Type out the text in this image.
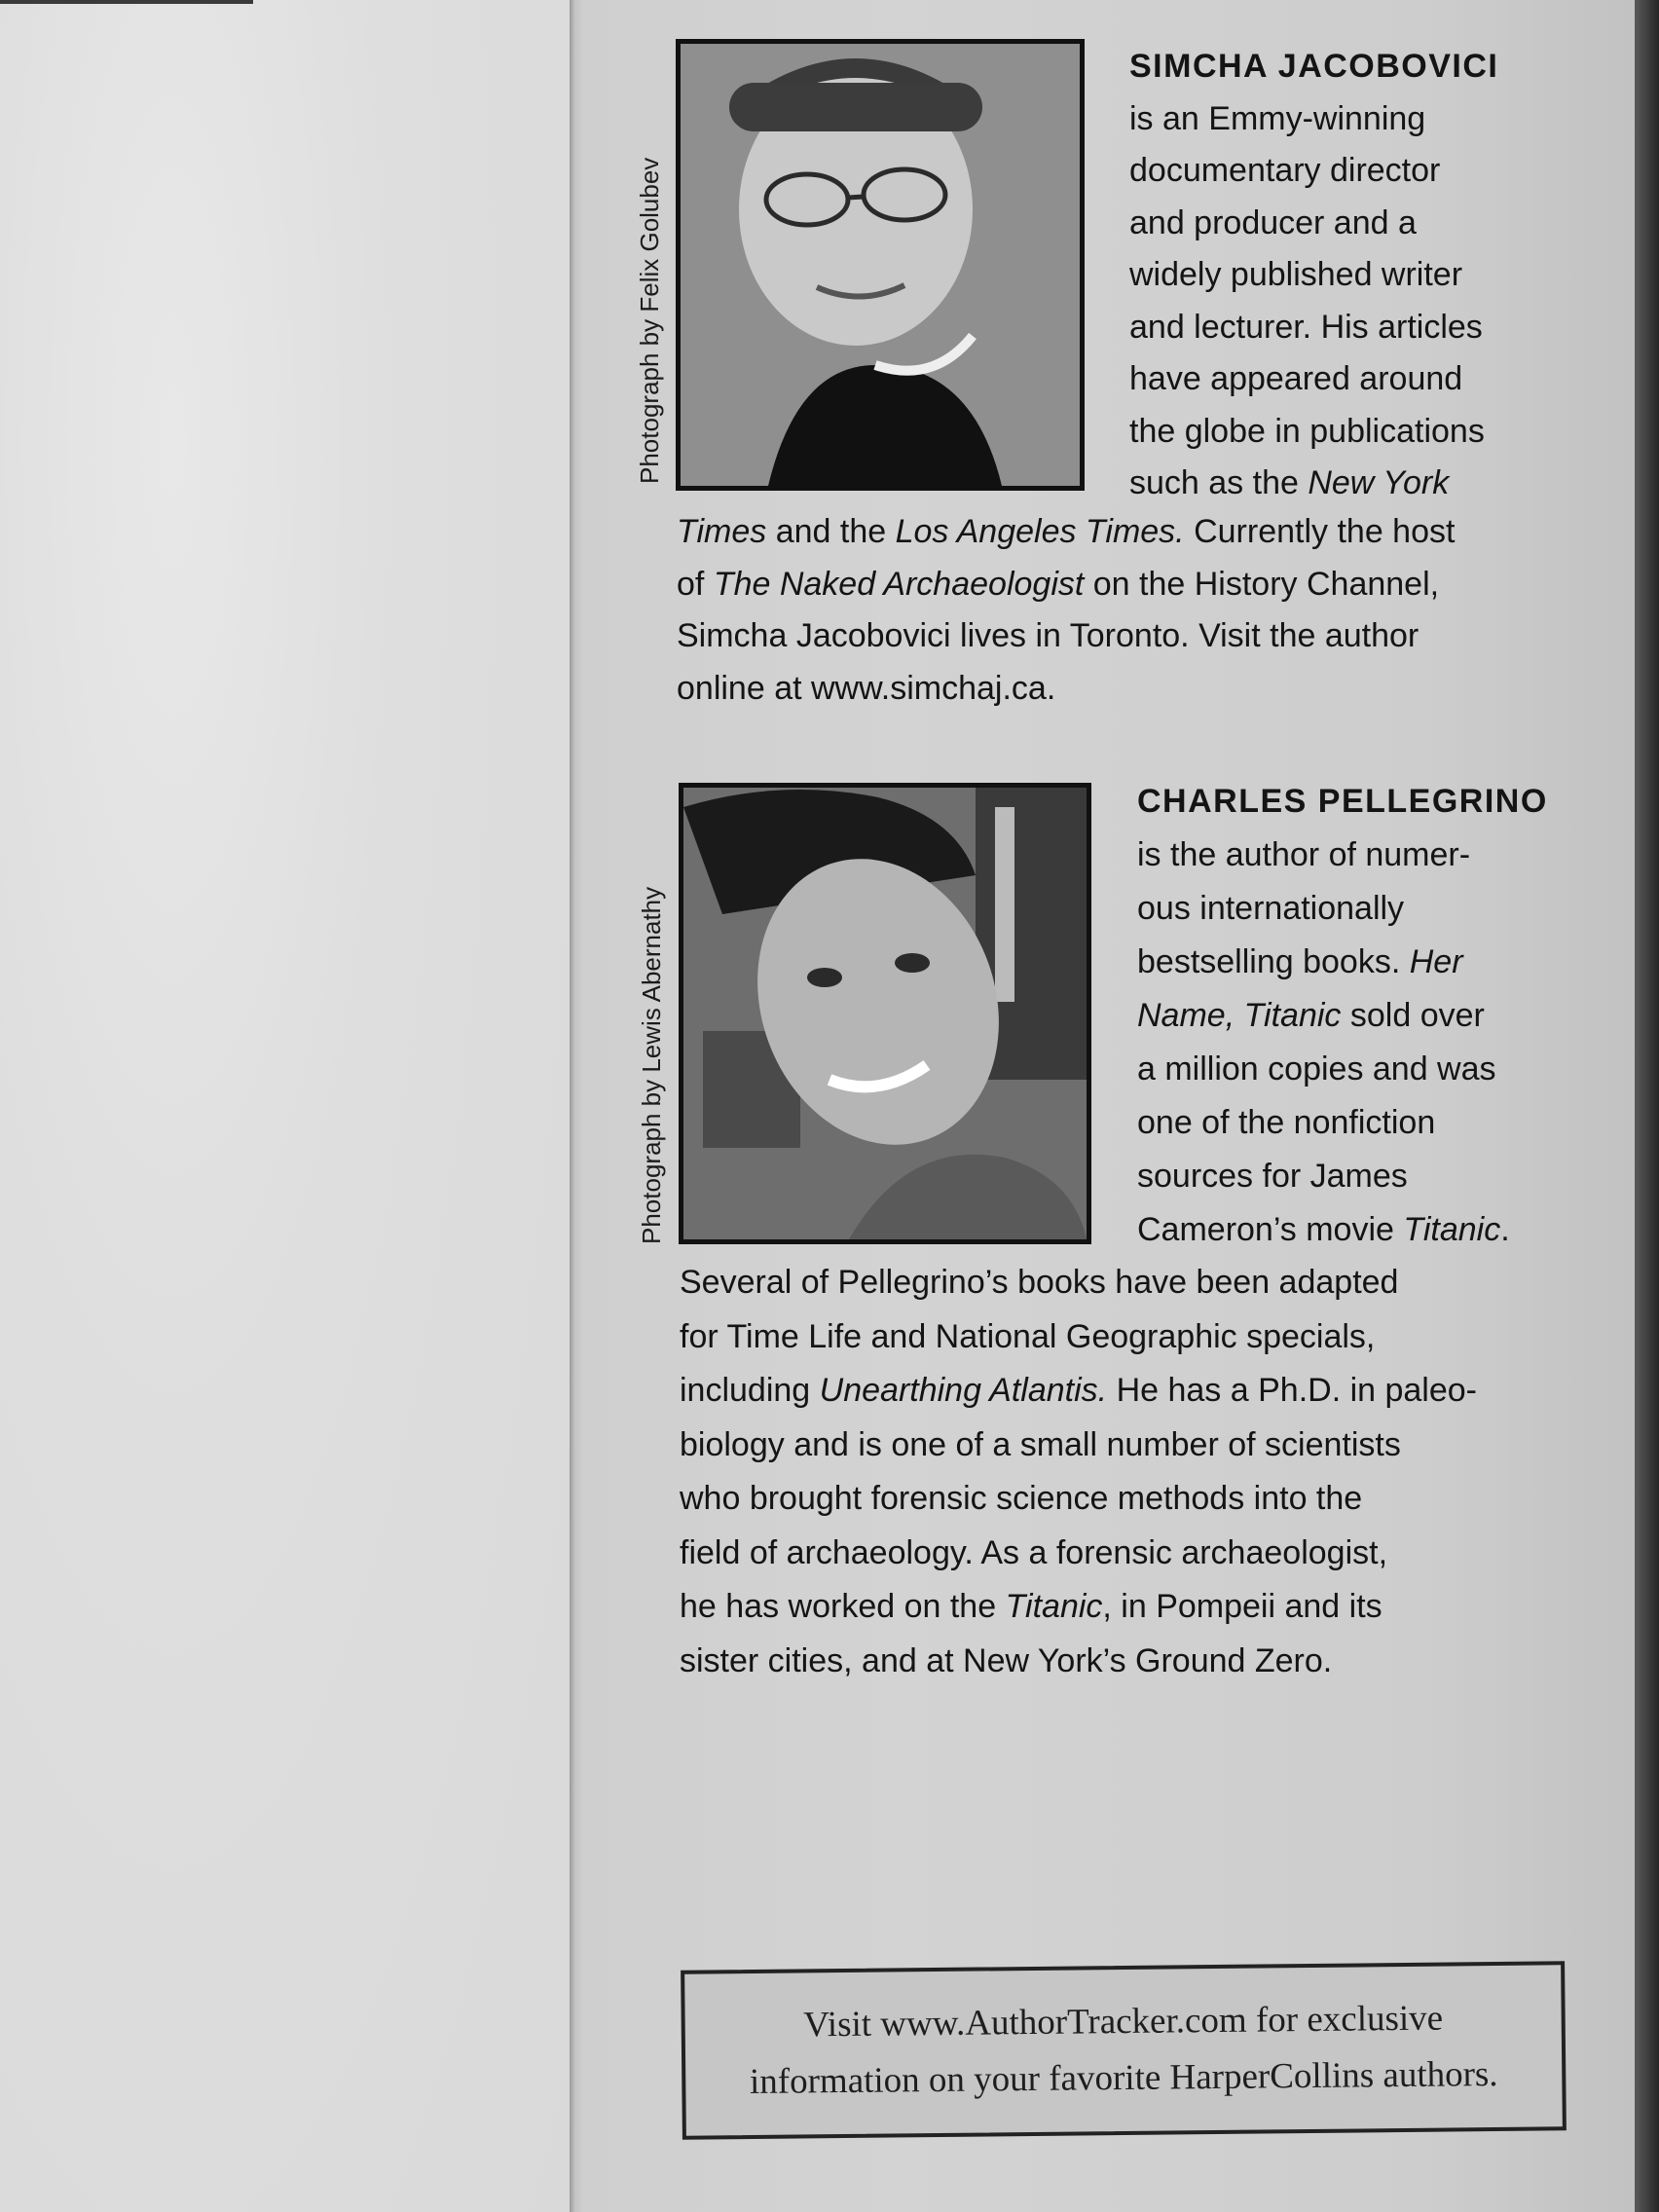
Photograph by Felix Golubev
SIMCHA JACOBOVICI
is an Emmy-winning
documentary director
and producer and a
widely published writer
and lecturer. His articles
have appeared around
the globe in publications
such as the New York
Times and the Los Angeles Times. Currently the host
of The Naked Archaeologist on the History Channel,
Simcha Jacobovici lives in Toronto. Visit the author
online at www.simchaj.ca.
Photograph by Lewis Abernathy
CHARLES PELLEGRINO
is the author of numer-
ous internationally
bestselling books. Her
Name, Titanic sold over
a million copies and was
one of the nonfiction
sources for James
Cameron’s movie Titanic.
Several of Pellegrino’s books have been adapted
for Time Life and National Geographic specials,
including Unearthing Atlantis. He has a Ph.D. in paleo-
biology and is one of a small number of scientists
who brought forensic science methods into the
field of archaeology. As a forensic archaeologist,
he has worked on the Titanic, in Pompeii and its
sister cities, and at New York’s Ground Zero.
Visit www.AuthorTracker.com for exclusive
information on your favorite HarperCollins authors.
